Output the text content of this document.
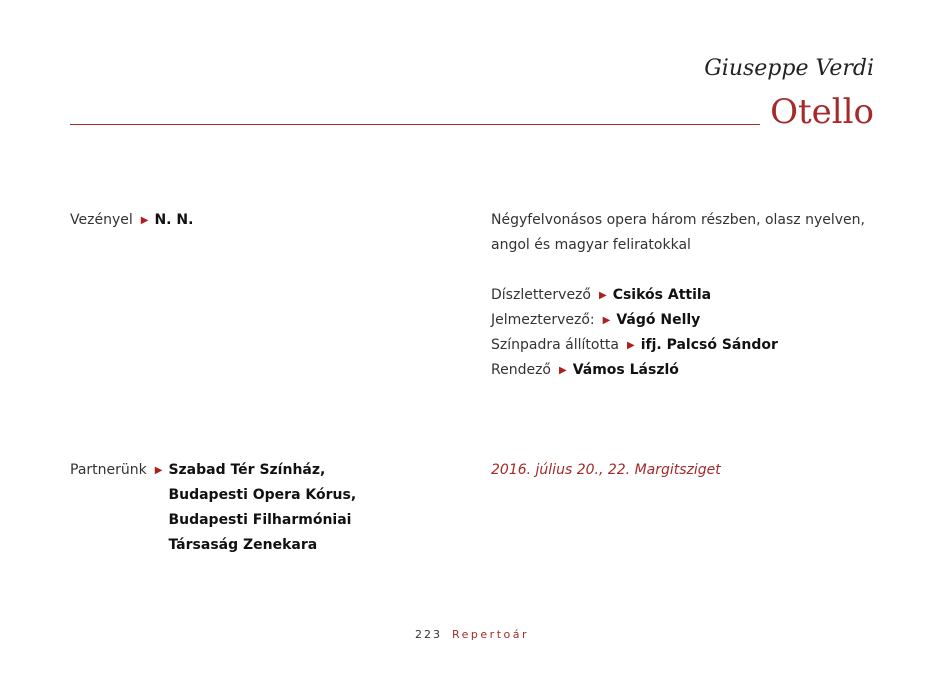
Giuseppe Verdi
Otello
Vezényel ▶ N. N.	Négyfelvonásos opera három részben, olasz nyelven,
angol és magyar feliratokkal
Díszlettervező ▶ Csikós Attila
Jelmeztervező: ▶ Vágó Nelly
Színpadra állította ▶ ifj. Palcsó Sándor
Rendező ▶ Vámos László
Partnerünk ▶ Szabad Tér Színház,
Budapesti Opera Kórus,
Budapesti Filharmóniai
Társaság Zenekara
2016. július 20., 22. Margitsziget
223 Repertoár
